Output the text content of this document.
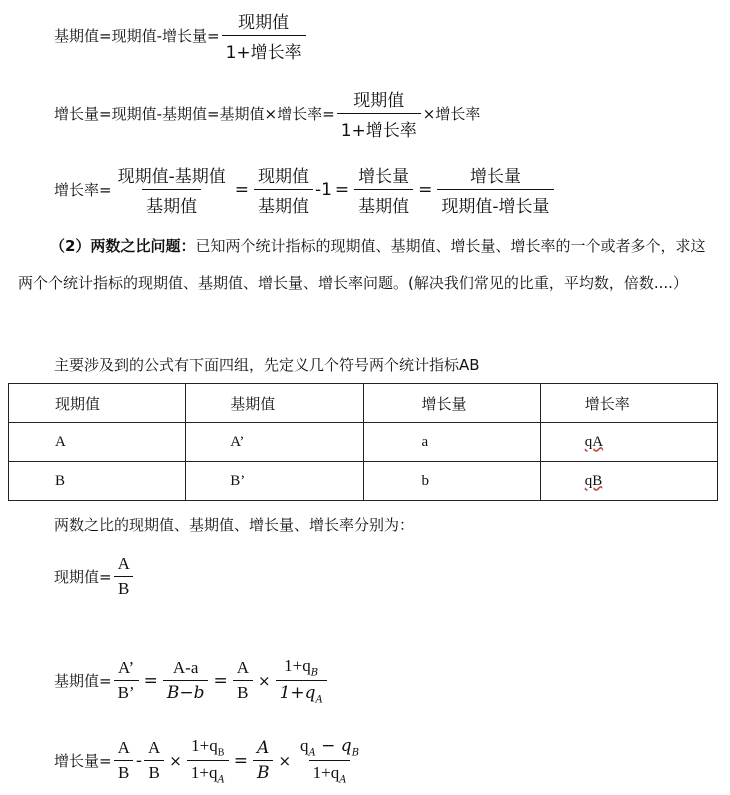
基期值=现期值-增长量= $\frac{\text{现期值}}{\text{1+增长率}}$
增长量=现期值-基期值=基期值×增长率= $\frac{\text{现期值}}{\text{1+增长率}}$ ×增长率
增长率= $\frac{\text{现期值-基期值}}{\text{基期值}} = \frac{\text{现期值}}{\text{基期值}} -1 = \frac{\text{增长量}}{\text{基期值}} = \frac{\text{增长量}}{\text{现期值-增长量}}$
（2）两数之比问题：已知两个统计指标的现期值、基期值、增长量、增长率的一个或者多个，求这两个个统计指标的现期值、基期值、增长量、增长率问题。(解决我们常见的比重，平均数，倍数....）
主要涉及到的公式有下面四组，先定义几个符号两个统计指标AB
现期值	基期值	增长量	增长率
A	A’	a	qA
B	B’	b	qB
两数之比的现期值、基期值、增长量、增长率分别为：
现期值= $\frac{A}{B}$
基期值= $\frac{A’}{B’} = \frac{A-a}{B-b} = \frac{A}{B} \times \frac{1+q_B}{1+q_A}$
增长量= $\frac{A}{B} - \frac{A}{B} \times \frac{1+q_B}{1+q_A} = \frac{A}{B} \times \frac{q_A - q_B}{1+q_A}$
